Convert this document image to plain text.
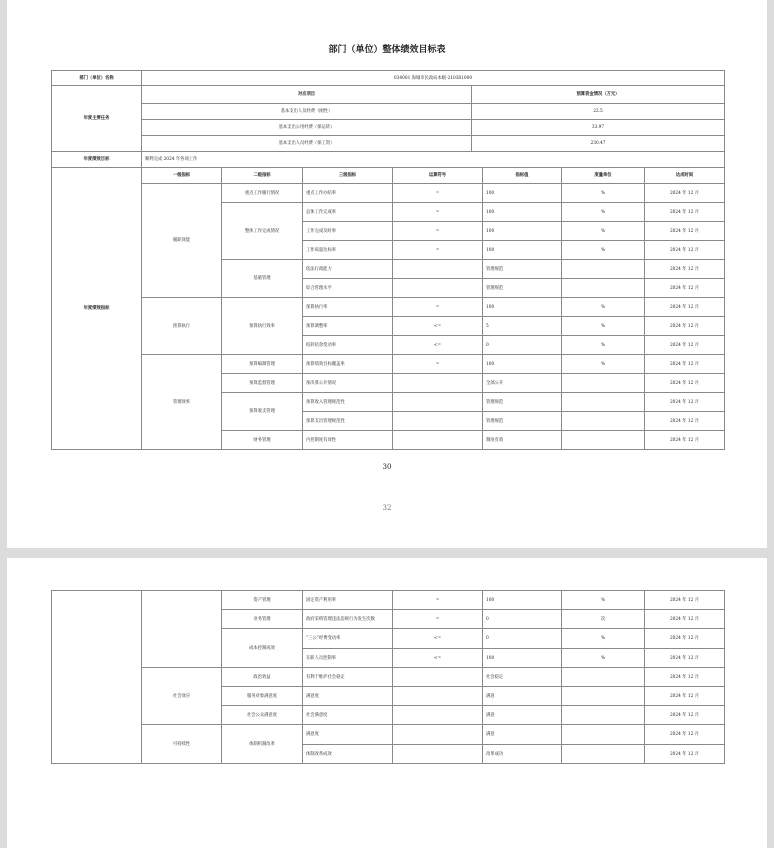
部门（单位）整体绩效目标表
部门（单位）名称	034001 海城市民政局本级-210381000	
年度主要任务	对应项目	预算资金情况（万元）
	基本支出人员经费（刚性）	22.5
	基本支出公用经费（保运转）	33.97
	基本支出人员经费（保工资）	230.47
年度绩效目标	顺利完成 2024 年各项工作	
年度绩效指标	一级指标	二级指标	三级指标	运算符号	指标值	度量单位	达成时间
	履职效能	重点工作履行情况	重点工作办结率	=	100	%	2024 年 12 月
		整体工作完成情况	总体工作完成率	=	100	%	2024 年 12 月
			工作完成及时率	=	100	%	2024 年 12 月
			工作质量达标率	=	100	%	2024 年 12 月
		基础管理	依法行政能力		管理规范		2024 年 12 月
			综合管理水平		管理规范		2024 年 12 月
	预算执行	预算执行效率	预算执行率	=	100	%	2024 年 12 月
			预算调整率	<=	5	%	2024 年 12 月
			结转结余变动率	<=	0	%	2024 年 12 月
	管理效率	预算编制管理	预算绩效目标覆盖率	=	100	%	2024 年 12 月
		预算监督管理	预决算公开情况		全部公开		2024 年 12 月
		预算收支管理	预算收入管理规范性		管理规范		2024 年 12 月
			预算支出管理规范性		管理规范		2024 年 12 月
		财务管理	内控制度有效性		制度有效		2024 年 12 月
30
32
		资产管理	固定资产利用率	=	100	%	2024 年 12 月
		业务管理	政府采购管理违法违规行为发生次数	=	0	次	2024 年 12 月
		成本控制成效	“三公”经费变动率	<=	0	%	2024 年 12 月
			在职人员控制率	<=	100	%	2024 年 12 月
	社会效应	政治效益	有利于维护社会稳定		社会稳定		2024 年 12 月
		服务对象满意度	满意度		满意		2024 年 12 月
		社会公众满意度	社会满意度		满意		2024 年 12 月
	可持续性	体制机制改革	满意度		满意		2024 年 12 月
			体制改革成效		改革成功		2024 年 12 月
